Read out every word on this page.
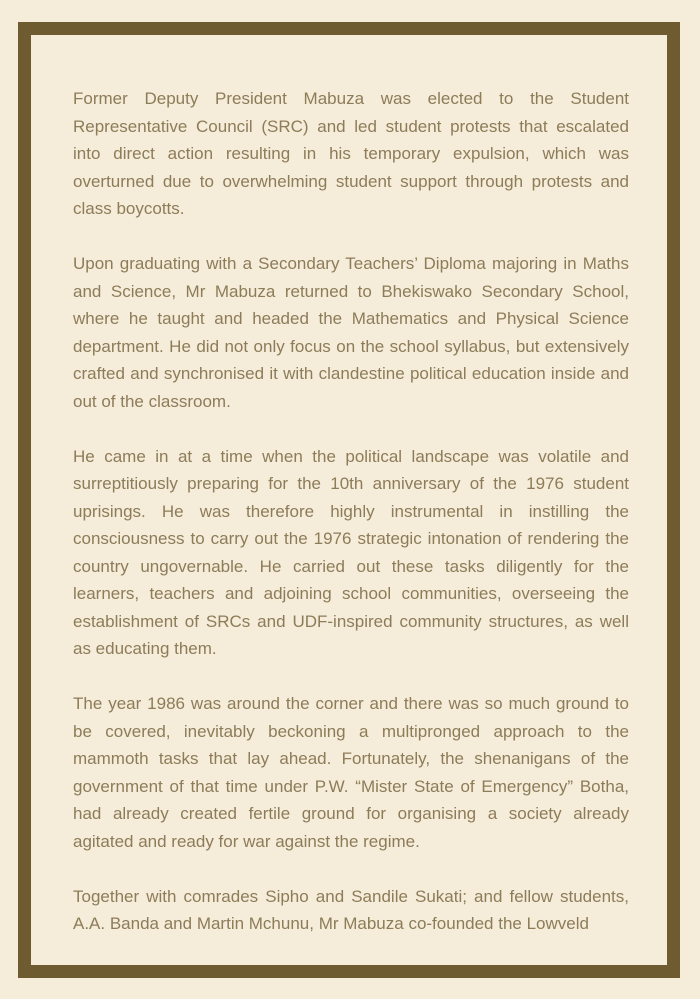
Former Deputy President Mabuza was elected to the Student Representative Council (SRC) and led student protests that escalated into direct action resulting in his temporary expulsion, which was overturned due to overwhelming student support through protests and class boycotts.

Upon graduating with a Secondary Teachers’ Diploma majoring in Maths and Science, Mr Mabuza returned to Bhekiswako Secondary School, where he taught and headed the Mathematics and Physical Science department. He did not only focus on the school syllabus, but extensively crafted and synchronised it with clandestine political education inside and out of the classroom.

He came in at a time when the political landscape was volatile and surreptitiously preparing for the 10th anniversary of the 1976 student uprisings. He was therefore highly instrumental in instilling the consciousness to carry out the 1976 strategic intonation of rendering the country ungovernable. He carried out these tasks diligently for the learners, teachers and adjoining school communities, overseeing the establishment of SRCs and UDF-inspired community structures, as well as educating them.

The year 1986 was around the corner and there was so much ground to be covered, inevitably beckoning a multipronged approach to the mammoth tasks that lay ahead. Fortunately, the shenanigans of the government of that time under P.W. “Mister State of Emergency” Botha, had already created fertile ground for organising a society already agitated and ready for war against the regime.

Together with comrades Sipho and Sandile Sukati; and fellow students, A.A. Banda and Martin Mchunu, Mr Mabuza co-founded the Lowveld
